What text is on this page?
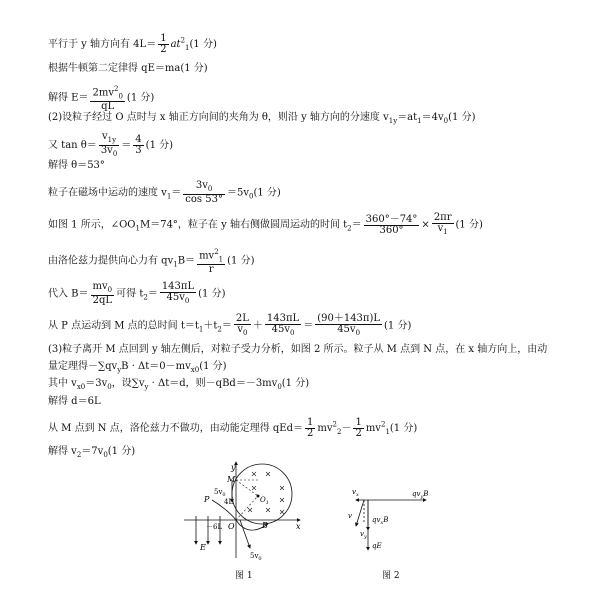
平行于 y 轴方向有 $4L= \frac{1}{2} at^2_1(1$ 分)
根据牛顿第二定律得 qE＝ma(1 分)
解得 $E= \frac{2mv^2_0}{qL} (1$ 分)
(2)设粒子经过 O 点时与 x 轴正方向间的夹角为 θ，则沿 y 轴方向的分速度 $v_{1y}=at_1=4v_0(1$ 分)
又 $\tan \theta= \frac{v_{1y}}{3v_0} = \frac{4}{3} (1$ 分)
解得 θ＝53°
粒子在磁场中运动的速度 $v_1= \frac{3v_0}{\cos 53^\circ} =5v_0(1$ 分)
如图 1 所示，$\angle OO_1M=74^\circ$，粒子在 y 轴右侧做圆周运动的时间 $t_2= \frac{360^\circ-74^\circ}{360^\circ} \times \frac{2\pi r}{v_1} (1$ 分)
由洛伦兹力提供向心力有 $qv_1B= \frac{mv^2_1}{r} (1$ 分)
代入 $B= \frac{mv_0}{2qL}$ 可得 $t_2= \frac{143\pi L}{45v_0} (1$ 分)
从 P 点运动到 M 点的总时间 $t=t_1+t_2= \frac{2L}{v_0} + \frac{143\pi L}{45v_0} = \frac{(90+143\pi)L}{45v_0} (1$ 分)
(3)粒子离开 M 点回到 y 轴左侧后，对粒子受力分析，如图 2 所示。粒子从 M 点到 N 点，在 x 轴方向上，由动
量定理得$-\sum qv_yB \cdot \Delta t=0-mv_{x0}(1$ 分)
其中 $v_{x0}=3v_0$，设$\sum v_y \cdot \Delta t=d$，则$-qBd=-3mv_0(1$ 分)
解得 d＝6L
从 M 点到 N 点，洛伦兹力不做功，由动能定理得 $qEd= \frac{1}{2} mv^2_2- \frac{1}{2} mv^2_1(1$ 分)
解得 $v_2=7v_0(1$ 分)
y
M
P
$5v_0$
4L	$O_1$
－6L O	B	x
E
$5v_0$
图 1
$v_x$	$qv_yB$
v	$qv_xB$
$v_y$
qE
图 2
